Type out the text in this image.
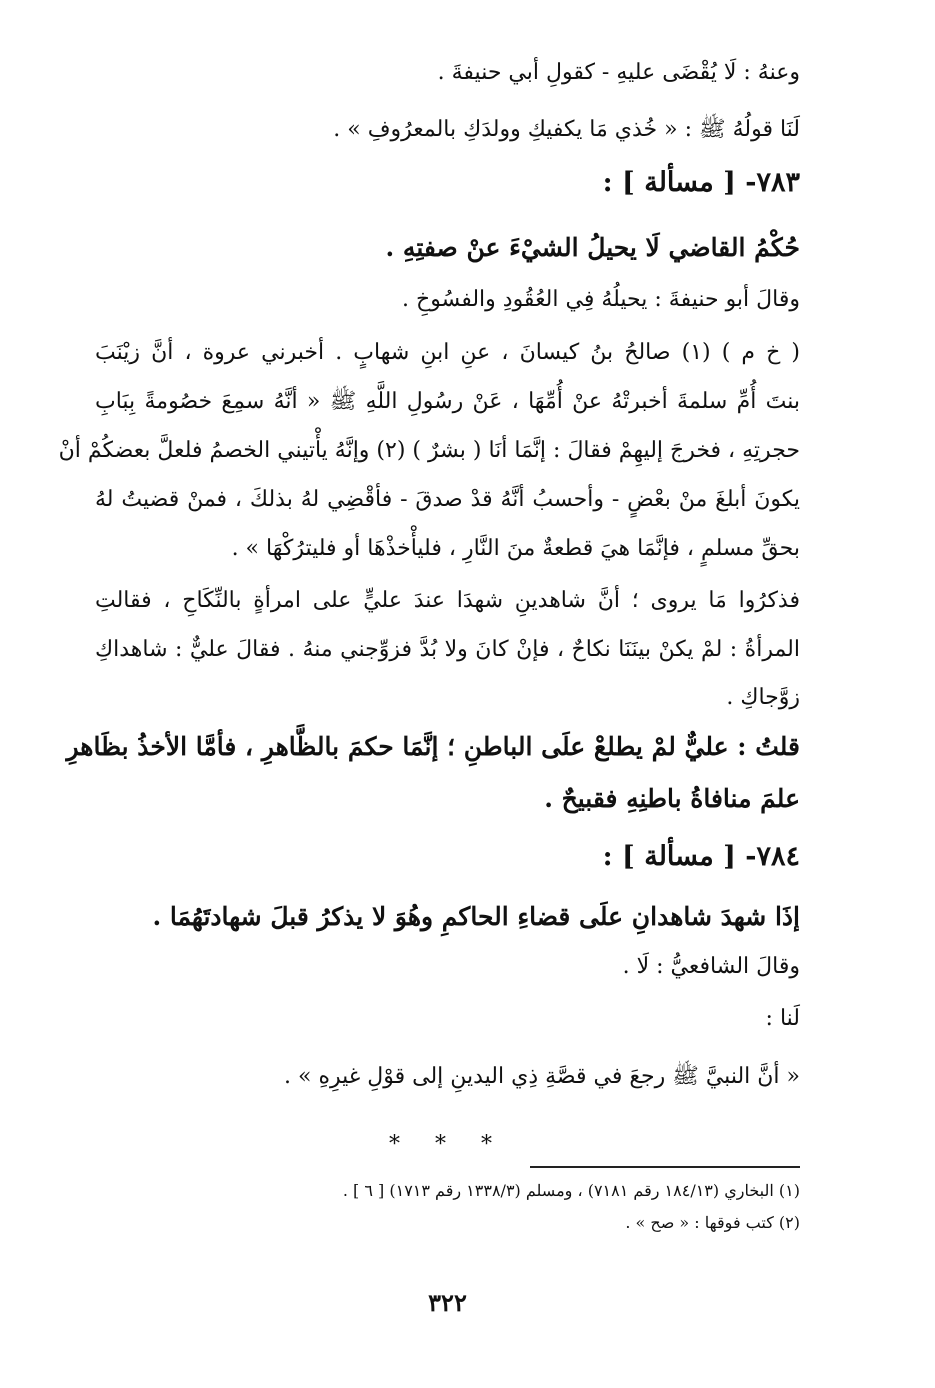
وعنهُ : لَا يُقْضَى عليهِ - كقولِ أبي حنيفةَ .
لَنَا قولُهُ ﷺ : « خُذي مَا يكفيكِ وولدَكِ بالمعرُوفِ » .
٧٨٣- [ مسألة ] :
حُكْمُ القاضي لَا يحيلُ الشيْءَ عنْ صفتِهِ .
وقالَ أبو حنيفةَ : يحيلُهُ فِي العُقُودِ والفسُوخِ .
( خ م ) (١) صالحُ بنُ كيسانَ ، عنِ ابنِ شهابٍ . أخبرني عروة ، أنَّ زيْنَبَ
بنتَ أُمِّ سلمةَ أخبرتْهُ عنْ أُمِّهَا ، عَنْ رسُولِ اللَّهِ ﷺ « أنَّهُ سمِعَ خصُومةً بِبَابِ
حجرتِهِ ، فخرجَ إليهِمْ فقالَ : إنَّمَا أنَا ( بشرٌ ) (٢) وإنَّهُ يأْتيني الخصمُ فلعلَّ بعضكُمْ أنْ
يكونَ أبلغَ منْ بعْضٍ - وأحسبُ أنَّهُ قدْ صدقَ - فأقْضِي لهُ بذلكَ ، فمنْ قضيتُ لهُ
بحقِّ مسلمٍ ، فإنَّمَا هيَ قطعةٌ منَ النَّارِ ، فليأْخذْهَا أو فليترُكْهَا » .
فذكرُوا مَا يروى ؛ أنَّ شاهدينِ شهدَا عندَ عليٍّ على امرأةٍ بالنِّكَاحِ ، فقالتِ
المرأةُ : لمْ يكنْ بينَنَا نكاحٌ ، فإنْ كانَ ولا بُدَّ فزوِّجني منهُ . فقالَ عليٌّ : شاهداكِ
زوَّجاكِ .
قلتُ : عليٌّ لمْ يطلعْ علَى الباطنِ ؛ إنَّمَا حكمَ بالظَّاهرِ ، فأمَّا الأخذُ بظَاهرِ
علمَ منافاةُ باطنِهِ فقبيحٌ .
٧٨٤- [ مسألة ] :
إذَا شهدَ شاهدانِ علَى قضاءِ الحاكمِ وهُوَ لا يذكرُ قبلَ شهادتَهُمَا .
وقالَ الشافعيُّ : لَا .
لَنا :
« أنَّ النبيَّ ﷺ رجعَ في قصَّةِ ذِي اليدينِ إلى قوْلِ غيرِهِ » .
* * *
(١) البخاري (١٨٤/١٣ رقم ٧١٨١) ، ومسلم (١٣٣٨/٣ رقم ١٧١٣) [ ٦ ] .
(٢) كتب فوقها : « صح » .
٣٢٢
